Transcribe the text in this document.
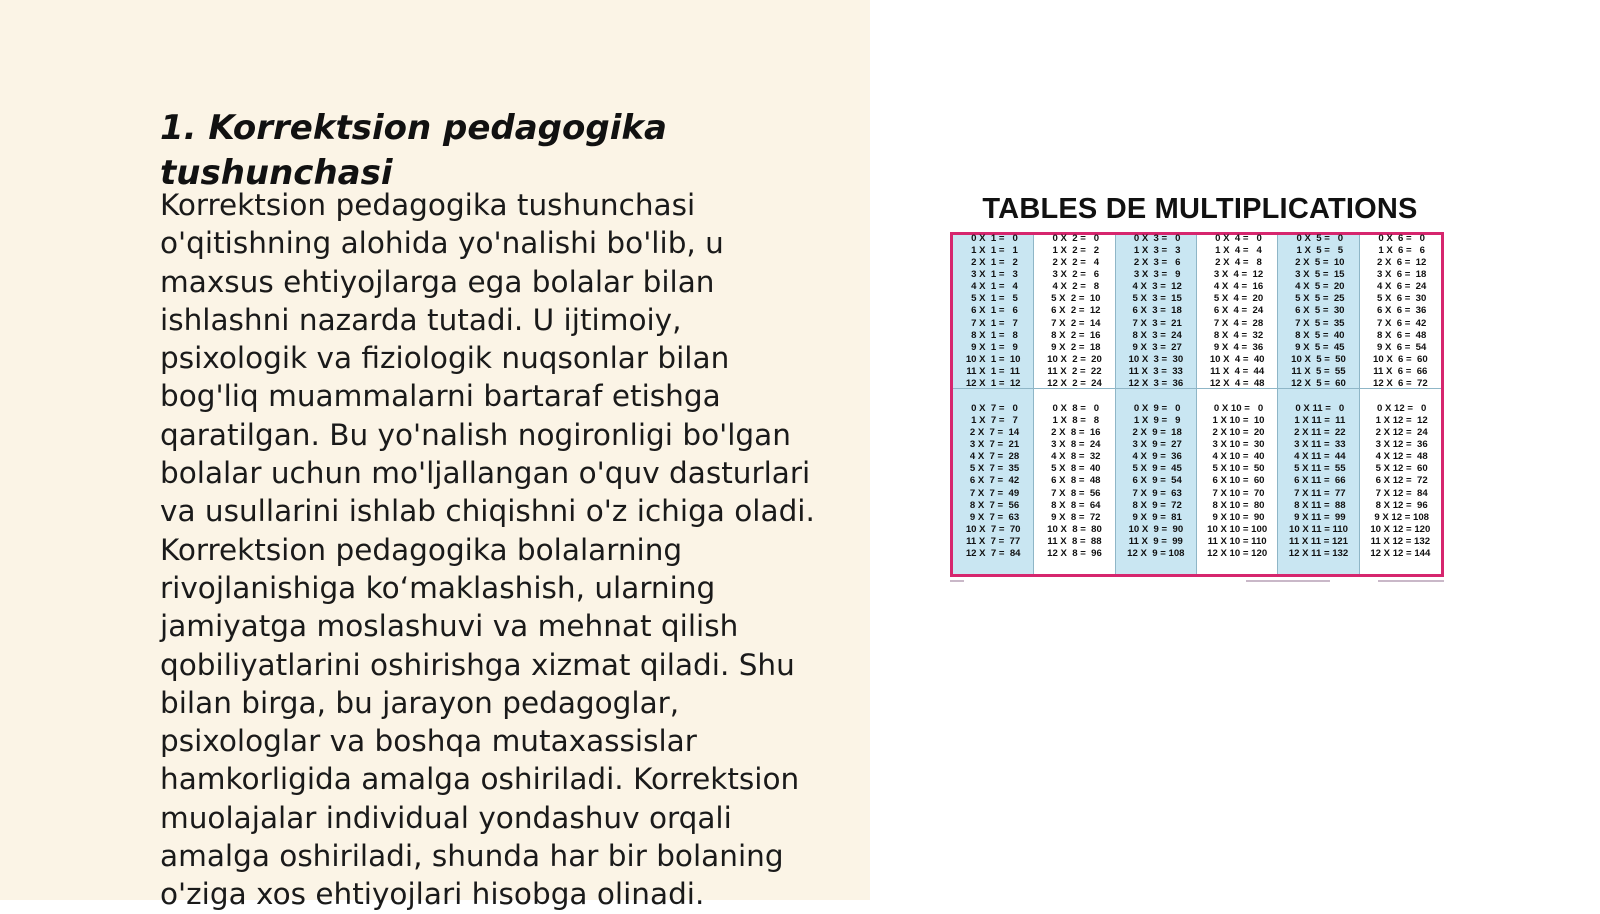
1. Korrektsion pedagogika tushunchasi

Korrektsion pedagogika tushunchasi
o'qitishning alohida yo'nalishi bo'lib, u
maxsus ehtiyojlarga ega bolalar bilan
ishlashni nazarda tutadi. U ijtimoiy,
psixologik va fiziologik nuqsonlar bilan
bog'liq muammalarni bartaraf etishga
qaratilgan. Bu yo'nalish nogironligi bo'lgan
bolalar uchun mo'ljallangan o'quv dasturlari
va usullarini ishlab chiqishni o'z ichiga oladi.
Korrektsion pedagogika bolalarning
rivojlanishiga ko‘maklashish, ularning
jamiyatga moslashuvi va mehnat qilish
qobiliyatlarini oshirishga xizmat qiladi. Shu
bilan birga, bu jarayon pedagoglar,
psixologlar va boshqa mutaxassislar
hamkorligida amalga oshiriladi. Korrektsion
muolajalar individual yondashuv orqali
amalga oshiriladi, shunda har bir bolaning
o'ziga xos ehtiyojlari hisobga olinadi.

TABLES DE MULTIPLICATIONS
0 X  1 =   0
1 X  1 =   1
2 X  1 =   2
3 X  1 =   3
4 X  1 =   4
5 X  1 =   5
6 X  1 =   6
7 X  1 =   7
8 X  1 =   8
9 X  1 =   9
10 X  1 =  10
11 X  1 =  11
12 X  1 =  12
0 X  2 =   0
1 X  2 =   2
2 X  2 =   4
3 X  2 =   6
4 X  2 =   8
5 X  2 =  10
6 X  2 =  12
7 X  2 =  14
8 X  2 =  16
9 X  2 =  18
10 X  2 =  20
11 X  2 =  22
12 X  2 =  24
0 X  3 =   0
1 X  3 =   3
2 X  3 =   6
3 X  3 =   9
4 X  3 =  12
5 X  3 =  15
6 X  3 =  18
7 X  3 =  21
8 X  3 =  24
9 X  3 =  27
10 X  3 =  30
11 X  3 =  33
12 X  3 =  36
0 X  4 =   0
1 X  4 =   4
2 X  4 =   8
3 X  4 =  12
4 X  4 =  16
5 X  4 =  20
6 X  4 =  24
7 X  4 =  28
8 X  4 =  32
9 X  4 =  36
10 X  4 =  40
11 X  4 =  44
12 X  4 =  48
0 X  5 =   0
1 X  5 =   5
2 X  5 =  10
3 X  5 =  15
4 X  5 =  20
5 X  5 =  25
6 X  5 =  30
7 X  5 =  35
8 X  5 =  40
9 X  5 =  45
10 X  5 =  50
11 X  5 =  55
12 X  5 =  60
0 X  6 =   0
1 X  6 =   6
2 X  6 =  12
3 X  6 =  18
4 X  6 =  24
5 X  6 =  30
6 X  6 =  36
7 X  6 =  42
8 X  6 =  48
9 X  6 =  54
10 X  6 =  60
11 X  6 =  66
12 X  6 =  72
0 X  7 =   0
1 X  7 =   7
2 X  7 =  14
3 X  7 =  21
4 X  7 =  28
5 X  7 =  35
6 X  7 =  42
7 X  7 =  49
8 X  7 =  56
9 X  7 =  63
10 X  7 =  70
11 X  7 =  77
12 X  7 =  84
0 X  8 =   0
1 X  8 =   8
2 X  8 =  16
3 X  8 =  24
4 X  8 =  32
5 X  8 =  40
6 X  8 =  48
7 X  8 =  56
8 X  8 =  64
9 X  8 =  72
10 X  8 =  80
11 X  8 =  88
12 X  8 =  96
0 X  9 =   0
1 X  9 =   9
2 X  9 =  18
3 X  9 =  27
4 X  9 =  36
5 X  9 =  45
6 X  9 =  54
7 X  9 =  63
8 X  9 =  72
9 X  9 =  81
10 X  9 =  90
11 X  9 =  99
12 X  9 = 108
0 X 10 =   0
1 X 10 =  10
2 X 10 =  20
3 X 10 =  30
4 X 10 =  40
5 X 10 =  50
6 X 10 =  60
7 X 10 =  70
8 X 10 =  80
9 X 10 =  90
10 X 10 = 100
11 X 10 = 110
12 X 10 = 120
0 X 11 =   0
1 X 11 =  11
2 X 11 =  22
3 X 11 =  33
4 X 11 =  44
5 X 11 =  55
6 X 11 =  66
7 X 11 =  77
8 X 11 =  88
9 X 11 =  99
10 X 11 = 110
11 X 11 = 121
12 X 11 = 132
0 X 12 =   0
1 X 12 =  12
2 X 12 =  24
3 X 12 =  36
4 X 12 =  48
5 X 12 =  60
6 X 12 =  72
7 X 12 =  84
8 X 12 =  96
9 X 12 = 108
10 X 12 = 120
11 X 12 = 132
12 X 12 = 144
